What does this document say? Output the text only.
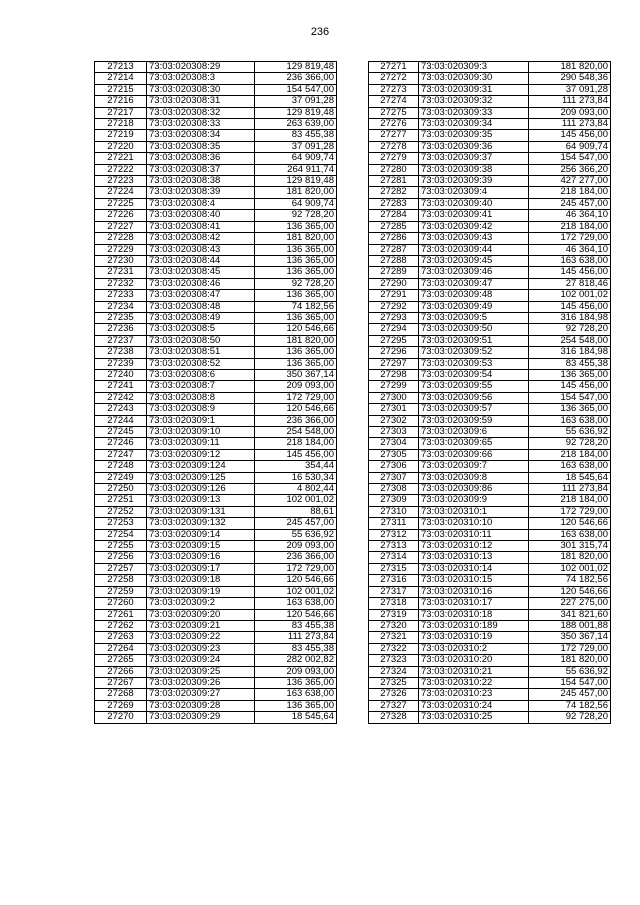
236
27213	73:03:020308:29	129 819,48
27214	73:03:020308:3	236 366,00
27215	73:03:020308:30	154 547,00
27216	73:03:020308:31	37 091,28
27217	73:03:020308:32	129 819,48
27218	73:03:020308:33	263 639,00
27219	73:03:020308:34	83 455,38
27220	73:03:020308:35	37 091,28
27221	73:03:020308:36	64 909,74
27222	73:03:020308:37	264 911,74
27223	73:03:020308:38	129 819,48
27224	73:03:020308:39	181 820,00
27225	73:03:020308:4	64 909,74
27226	73:03:020308:40	92 728,20
27227	73:03:020308:41	136 365,00
27228	73:03:020308:42	181 820,00
27229	73:03:020308:43	136 365,00
27230	73:03:020308:44	136 365,00
27231	73:03:020308:45	136 365,00
27232	73:03:020308:46	92 728,20
27233	73:03:020308:47	136 365,00
27234	73:03:020308:48	74 182,56
27235	73:03:020308:49	136 365,00
27236	73:03:020308:5	120 546,66
27237	73:03:020308:50	181 820,00
27238	73:03:020308:51	136 365,00
27239	73:03:020308:52	136 365,00
27240	73:03:020308:6	350 367,14
27241	73:03:020308:7	209 093,00
27242	73:03:020308:8	172 729,00
27243	73:03:020308:9	120 546,66
27244	73:03:020309:1	236 366,00
27245	73:03:020309:10	254 548,00
27246	73:03:020309:11	218 184,00
27247	73:03:020309:12	145 456,00
27248	73:03:020309:124	354,44
27249	73:03:020309:125	16 530,34
27250	73:03:020309:126	4 802,44
27251	73:03:020309:13	102 001,02
27252	73:03:020309:131	88,61
27253	73:03:020309:132	245 457,00
27254	73:03:020309:14	55 636,92
27255	73:03:020309:15	209 093,00
27256	73:03:020309:16	236 366,00
27257	73:03:020309:17	172 729,00
27258	73:03:020309:18	120 546,66
27259	73:03:020309:19	102 001,02
27260	73:03:020309:2	163 638,00
27261	73:03:020309:20	120 546,66
27262	73:03:020309:21	83 455,38
27263	73:03:020309:22	111 273,84
27264	73:03:020309:23	83 455,38
27265	73:03:020309:24	282 002,82
27266	73:03:020309:25	209 093,00
27267	73:03:020309:26	136 365,00
27268	73:03:020309:27	163 638,00
27269	73:03:020309:28	136 365,00
27270	73:03:020309:29	18 545,64
27271	73:03:020309:3	181 820,00
27272	73:03:020309:30	290 548,36
27273	73:03:020309:31	37 091,28
27274	73:03:020309:32	111 273,84
27275	73:03:020309:33	209 093,00
27276	73:03:020309:34	111 273,84
27277	73:03:020309:35	145 456,00
27278	73:03:020309:36	64 909,74
27279	73:03:020309:37	154 547,00
27280	73:03:020309:38	256 366,20
27281	73:03:020309:39	427 277,00
27282	73:03:020309:4	218 184,00
27283	73:03:020309:40	245 457,00
27284	73:03:020309:41	46 364,10
27285	73:03:020309:42	218 184,00
27286	73:03:020309:43	172 729,00
27287	73:03:020309:44	46 364,10
27288	73:03:020309:45	163 638,00
27289	73:03:020309:46	145 456,00
27290	73:03:020309:47	27 818,46
27291	73:03:020309:48	102 001,02
27292	73:03:020309:49	145 456,00
27293	73:03:020309:5	316 184,98
27294	73:03:020309:50	92 728,20
27295	73:03:020309:51	254 548,00
27296	73:03:020309:52	316 184,98
27297	73:03:020309:53	83 455,38
27298	73:03:020309:54	136 365,00
27299	73:03:020309:55	145 456,00
27300	73:03:020309:56	154 547,00
27301	73:03:020309:57	136 365,00
27302	73:03:020309:59	163 638,00
27303	73:03:020309:6	55 636,92
27304	73:03:020309:65	92 728,20
27305	73:03:020309:66	218 184,00
27306	73:03:020309:7	163 638,00
27307	73:03:020309:8	18 545,64
27308	73:03:020309:86	111 273,84
27309	73:03:020309:9	218 184,00
27310	73:03:020310:1	172 729,00
27311	73:03:020310:10	120 546,66
27312	73:03:020310:11	163 638,00
27313	73:03:020310:12	301 315,74
27314	73:03:020310:13	181 820,00
27315	73:03:020310:14	102 001,02
27316	73:03:020310:15	74 182,56
27317	73:03:020310:16	120 546,66
27318	73:03:020310:17	227 275,00
27319	73:03:020310:18	341 821,60
27320	73:03:020310:189	188 001,88
27321	73:03:020310:19	350 367,14
27322	73:03:020310:2	172 729,00
27323	73:03:020310:20	181 820,00
27324	73:03:020310:21	55 636,92
27325	73:03:020310:22	154 547,00
27326	73:03:020310:23	245 457,00
27327	73:03:020310:24	74 182,56
27328	73:03:020310:25	92 728,20
